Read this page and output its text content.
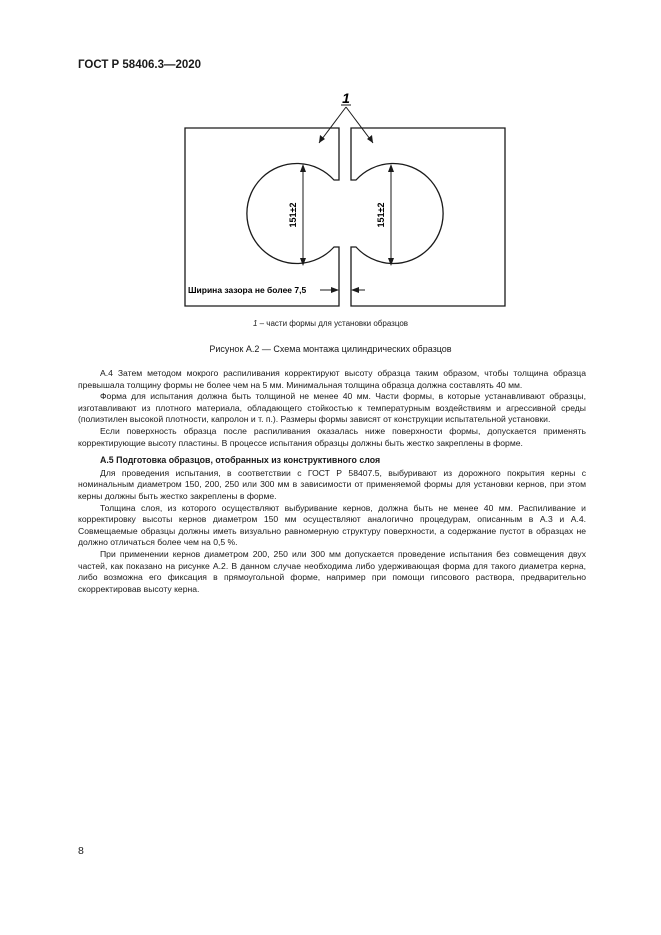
ГОСТ Р 58406.3—2020
1
151±2	151±2
Ширина зазора не более 7,5
1 – части формы для установки образцов
Рисунок А.2 — Схема монтажа цилиндрических образцов

А.4 Затем методом мокрого распиливания корректируют высоту образца таким образом, чтобы толщина образца превышала толщину формы не более чем на 5 мм. Минимальная толщина образца должна составлять 40 мм.

Форма для испытания должна быть толщиной не менее 40 мм. Части формы, в которые устанавливают образцы, изготавливают из плотного материала, обладающего стойкостью к температурным воздействиям и агрессивной среды (полиэтилен высокой плотности, капролон и т. п.). Размеры формы зависят от конструкции испытательной установки.

Если поверхность образца после распиливания оказалась ниже поверхности формы, допускается применять корректирующие высоту пластины. В процессе испытания образцы должны быть жестко закреплены в форме.

А.5 Подготовка образцов, отобранных из конструктивного слоя

Для проведения испытания, в соответствии с ГОСТ Р 58407.5, выбуривают из дорожного покрытия керны с номинальным диаметром 150, 200, 250 или 300 мм в зависимости от применяемой формы для установки кернов, при этом керны должны быть жестко закреплены в форме.

Толщина слоя, из которого осуществляют выбуривание кернов, должна быть не менее 40 мм. Распиливание и корректировку высоты кернов диаметром 150 мм осуществляют аналогично процедурам, описанным в А.3 и А.4. Совмещаемые образцы должны иметь визуально равномерную структуру поверхности, а содержание пустот в образцах не должно отличаться более чем на 0,5 %.

При применении кернов диаметром 200, 250 или 300 мм допускается проведение испытания без совмещения двух частей, как показано на рисунке А.2. В данном случае необходима либо удерживающая форма для такого диаметра керна, либо возможна его фиксация в прямоугольной форме, например при помощи гипсового раствора, предварительно скорректировав высоту керна.

8
